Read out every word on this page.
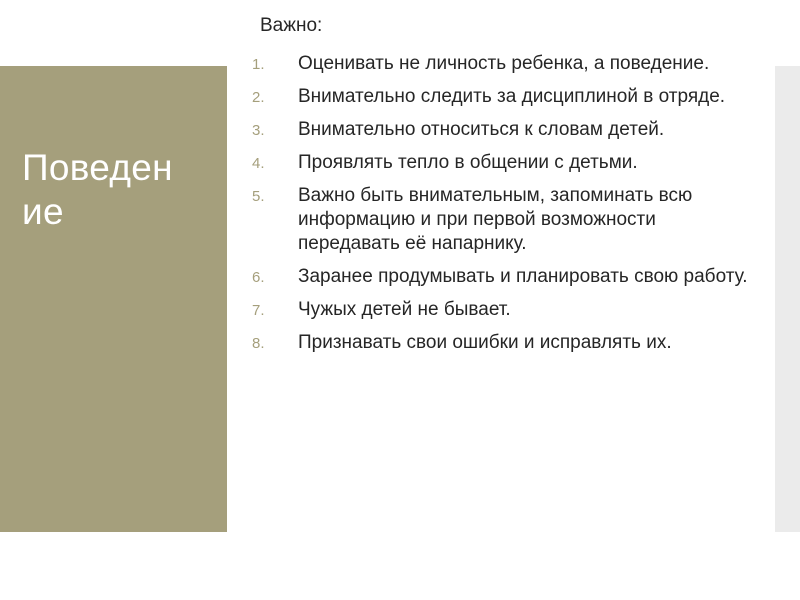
Поведение
Важно:
1. Оценивать не личность ребенка, а поведение.
2. Внимательно следить за дисциплиной в отряде.
3. Внимательно относиться к словам детей.
4. Проявлять тепло в общении с детьми.
5. Важно быть внимательным, запоминать всю информацию и при первой возможности передавать её напарнику.
6. Заранее продумывать и планировать свою работу.
7. Чужых детей не бывает.
8. Признавать свои ошибки и исправлять их.
